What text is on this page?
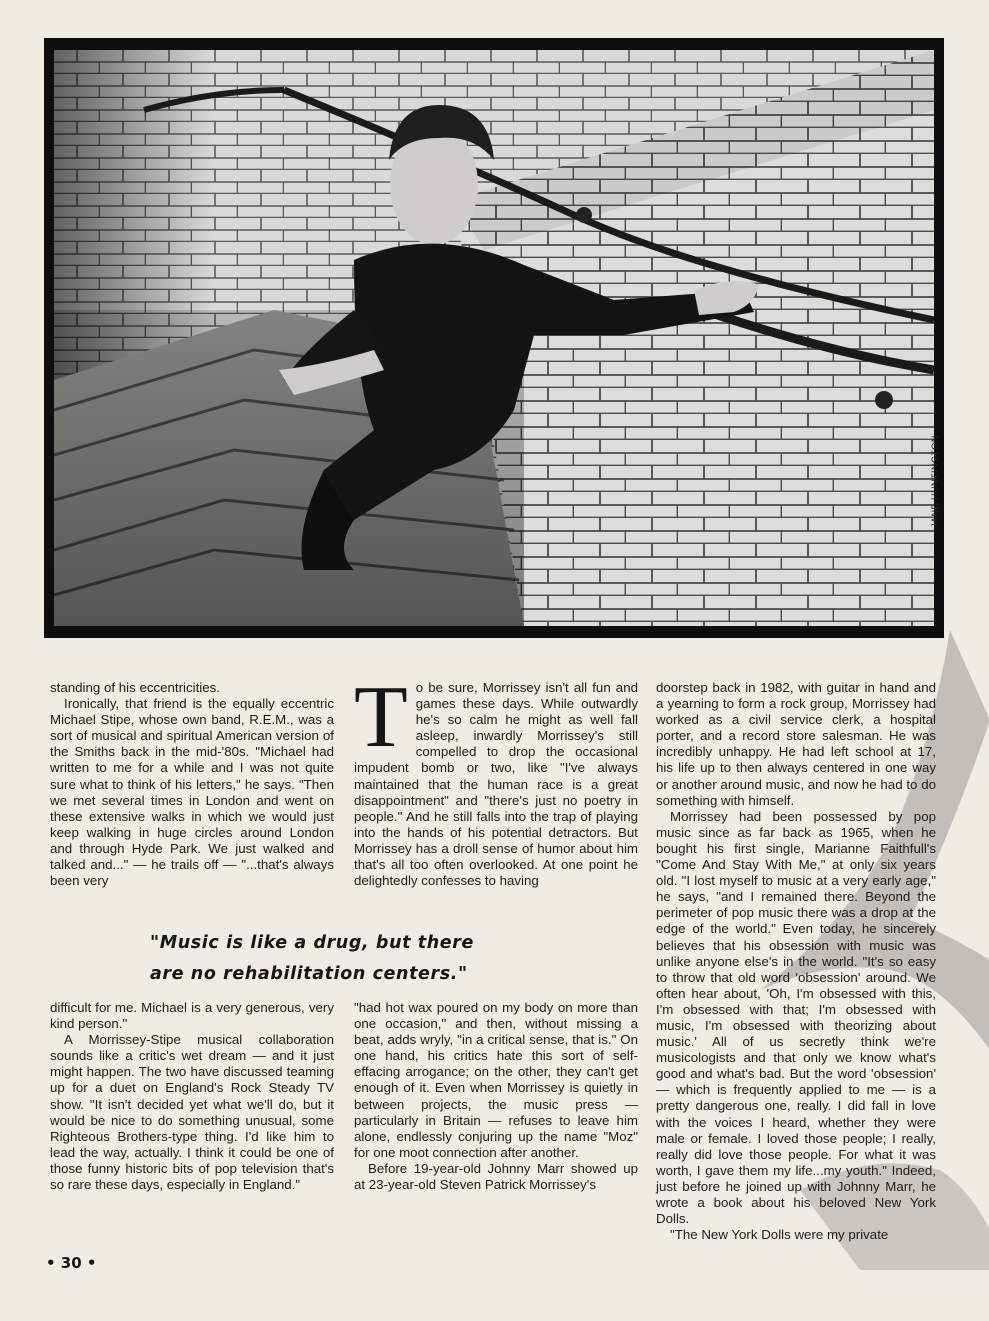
JANE HUNTINGTON

standing of his eccentricities.

Ironically, that friend is the equally eccentric Michael Stipe, whose own band, R.E.M., was a sort of musical and spiritual American version of the Smiths back in the mid-'80s. "Michael had written to me for a while and I was not quite sure what to think of his letters," he says. "Then we met several times in London and went on these extensive walks in which we would just keep walking in huge circles around London and through Hyde Park. We just walked and talked and..." — he trails off — "...that's always been very

To be sure, Morrissey isn't all fun and games these days. While outwardly he's so calm he might as well fall asleep, inwardly Morrissey's still compelled to drop the occasional impudent bomb or two, like "I've always maintained that the human race is a great disappointment" and "there's just no poetry in people." And he still falls into the trap of playing into the hands of his potential detractors. But Morrissey has a droll sense of humor about him that's all too often overlooked. At one point he delightedly confesses to having

doorstep back in 1982, with guitar in hand and a yearning to form a rock group, Morrissey had worked as a civil service clerk, a hospital porter, and a record store salesman. He was incredibly unhappy. He had left school at 17, his life up to then always centered in one way or another around music, and now he had to do something with himself.

Morrissey had been possessed by pop music since as far back as 1965, when he bought his first single, Marianne Faithfull's "Come And Stay With Me," at only six years old. "I lost myself to music at a very early age," he says, "and I remained there. Beyond the perimeter of pop music there was a drop at the edge of the world." Even today, he sincerely believes that his obsession with music was unlike anyone else's in the world. "It's so easy to throw that old word 'obsession' around. We often hear about, 'Oh, I'm obsessed with this, I'm obsessed with that; I'm obsessed with music, I'm obsessed with theorizing about music.' All of us secretly think we're musicologists and that only we know what's good and what's bad. But the word 'obsession' — which is frequently applied to me — is a pretty dangerous one, really. I did fall in love with the voices I heard, whether they were male or female. I loved those people; I really, really did love those people. For what it was worth, I gave them my life...my youth." Indeed, just before he joined up with Johnny Marr, he wrote a book about his beloved New York Dolls.

"The New York Dolls were my private

"Music is like a drug, but there
are no rehabilitation centers."

difficult for me. Michael is a very generous, very kind person."

A Morrissey-Stipe musical collaboration sounds like a critic's wet dream — and it just might happen. The two have discussed teaming up for a duet on England's Rock Steady TV show. "It isn't decided yet what we'll do, but it would be nice to do something unusual, some Righteous Brothers-type thing. I'd like him to lead the way, actually. I think it could be one of those funny historic bits of pop television that's so rare these days, especially in England."

"had hot wax poured on my body on more than one occasion," and then, without missing a beat, adds wryly, "in a critical sense, that is." On one hand, his critics hate this sort of self-effacing arrogance; on the other, they can't get enough of it. Even when Morrissey is quietly in between projects, the music press — particularly in Britain — refuses to leave him alone, endlessly conjuring up the name "Moz" for one moot connection after another.

Before 19-year-old Johnny Marr showed up at 23-year-old Steven Patrick Morrissey's

• 30 •
